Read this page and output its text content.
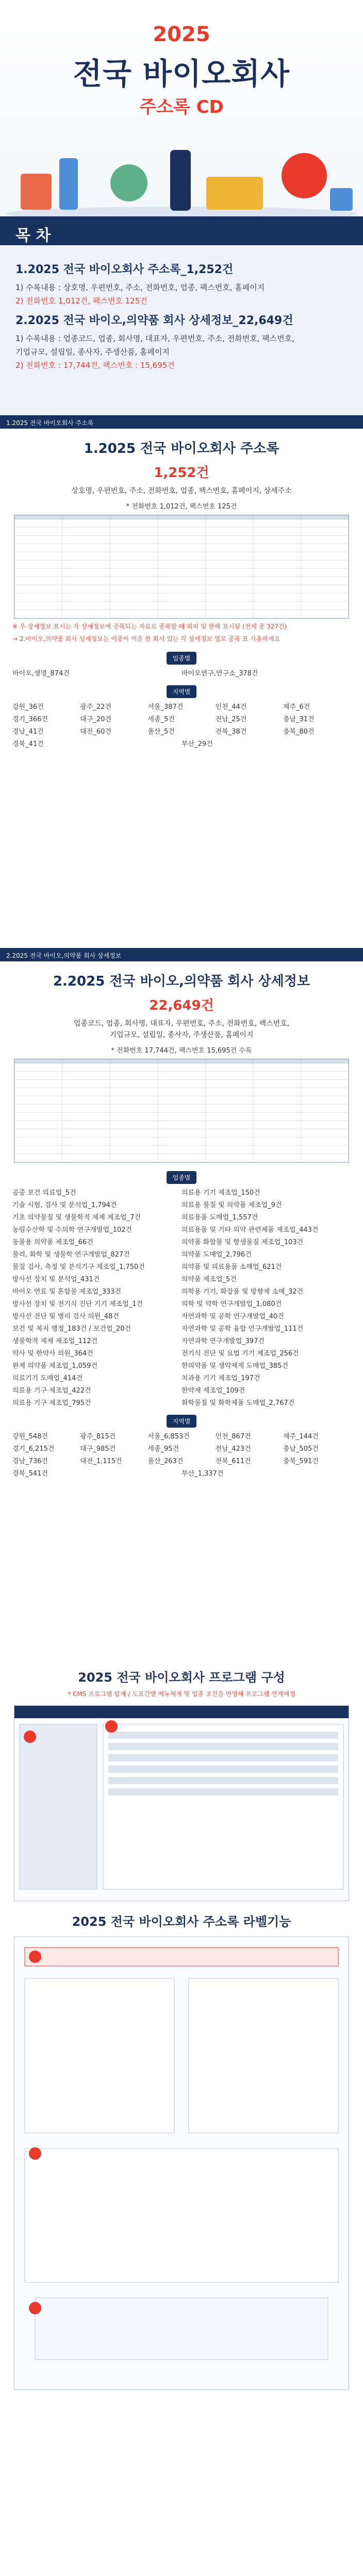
2025
전국 바이오회사
주소록 CD
목 차
1.2025 전국 바이오회사 주소록_1,252건

1) 수록내용 : 상호명, 우편번호, 주소, 전화번호, 업종, 팩스번호, 홈페이지

2) 전화번호 1,012건, 팩스번호 125건

2.2025 전국 바이오,의약품 회사 상세정보_22,649건

1) 수록내용 : 업종코드, 업종, 회사명, 대표자, 우편번호, 주소, 전화번호, 팩스번호,

기업규모, 설립일, 종사자, 주생산품, 홈페이지

2) 전화번호 : 17,744건, 팩스번호 : 15,695건

1.2025 전국 바이오회사 주소록
1.2025 전국 바이오회사 주소록
1,252건
상호명, 우편번호, 주소, 전화번호, 업종, 팩스번호, 홈페이지, 상세주소
* 전화번호 1,012건, 팩스번호 125건

※ 우 상세정보 표시는 각 상세정보에 중복되는 자료로 중복할 때 회피 및 한해 표시됨 (전체 중 327건)
→ 2.바이오,의약품 회사 상세정보는 이중이 먹을 한 회사 있는 각 상세정보 열로 중복 표 사용하세요
업종별
바이오,생명_874건	바이오연구,연구소_378건
지역별
강원_36건	광주_22건	서울_387건	인천_44건	제주_6건
경기_366건	대구_20건	세종_5건	전남_25건	충남_31건
경남_41건	대전_60건	울산_5건	전북_38건	충북_80건
경북_41건	부산_29건
2.2025 전국 바이오,의약품 회사 상세정보
2.2025 전국 바이오,의약품 회사 상세정보
22,649건
업종코드, 업종, 회사명, 대표자, 우편번호, 주소, 전화번호, 팩스번호,
기업규모, 설립일, 종사자, 주생산품, 홈페이지
* 전화번호 17,744건, 팩스번호 15,695건 수록

업종별
공중 보건 의료업_5건	의료용 기기 제조업_150건
기술 시험, 검사 및 분석업_1,794건	의료용 물질 및 의약품 제조업_9건
기초 의약물질 및 생물학적 제제 제조업_7건	의료용품 도매업_1,557건
농림수산학 및 수의학 연구개발업_102건	의료용품 및 기타 의약 관련제품 제조업_443건
동물용 의약품 제조업_66건	의약품 화합물 및 항생물질 제조업_103건
물리, 화학 및 생물학 연구개발업_827건	의약품 도매업_2,796건
물질 검사, 측정 및 분석기구 제조업_1,750건	의약품 및 의료용품 소매업_621건
방사선 장치 및 분석업_431건	의약품 제조업_5건
바이오 연료 및 혼합물 제조업_333건	의학용 기기, 화장품 및 방향제 소매_32건
방사선 장치 및 전기식 진단 기기 제조업_1건	의학 및 약학 연구개발업_1,080건
방사선 진단 및 병리 검사 의원_48건	자연과학 및 공학 연구개발업_40건
보건 및 복지 행정_183건 / 보건업_20건	자연과학 및 공학 융합 연구개발업_111건
생물학적 제제 제조업_112건	자연과학 연구개발업_397건
약사 및 한약사 의원_364건	전기식 진단 및 요법 기기 제조업_256건
완제 의약품 제조업_1,059건	한의약품 및 생약제제 도매업_385건
의료기기 도매업_414건	치과용 기기 제조업_197건
의료용 기구 제조업_422건	한약재 제조업_109건
의료용 기구 제조업_795건	화학물질 및 화학제품 도매업_2,767건
지역별
강원_548건	광주_815건	서울_6,853건	인천_867건	제주_144건
경기_6,215건	대구_985건	세종_95건	전남_423건	충남_505건
경남_736건	대전_1,115건	울산_263건	전북_611건	충북_591건
경북_541건	부산_1,337건
2025 전국 바이오회사 프로그램 구성
* CMS 프로그램 탑재 / 도표간별 메뉴체계 및 업종 조건을 반영해 프로그램 연계예정
2025 전국 바이오회사 주소록 라벨기능
